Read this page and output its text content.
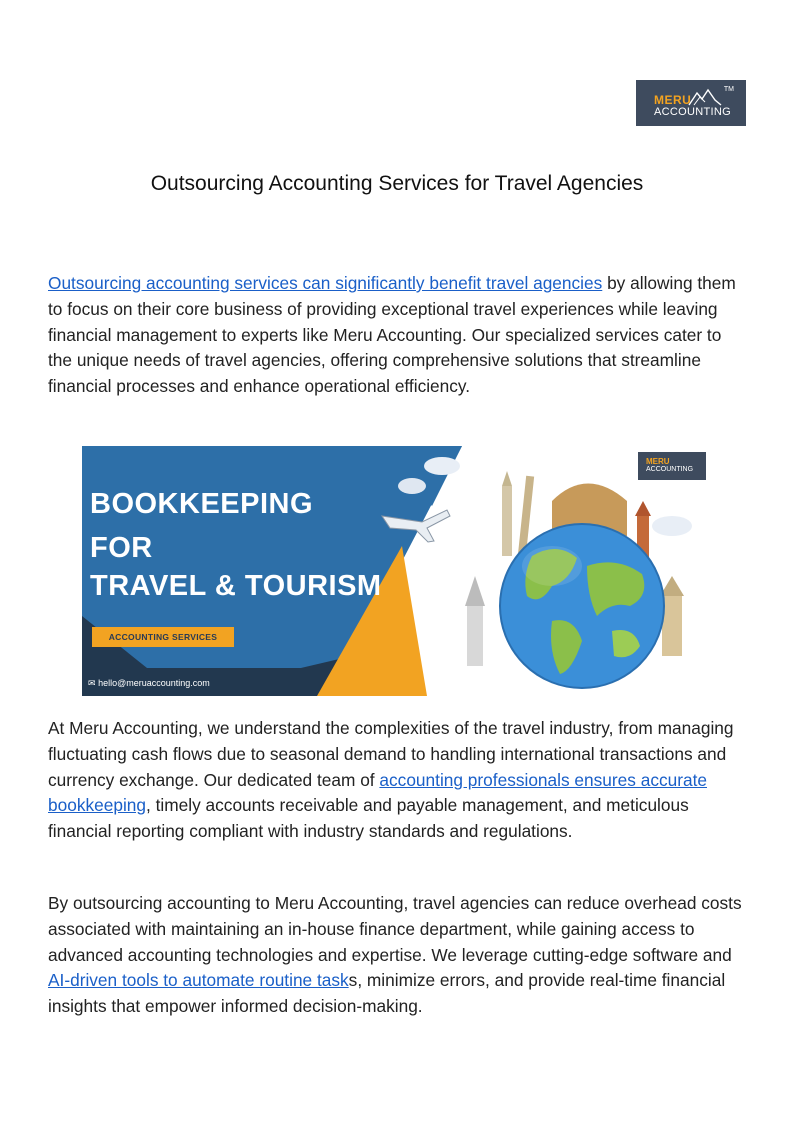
MERU
ACCOUNTING
TM
Outsourcing Accounting Services for Travel Agencies

Outsourcing accounting services can significantly benefit travel agencies by allowing them to focus on their core business of providing exceptional travel experiences while leaving financial management to experts like Meru Accounting. Our specialized services cater to the unique needs of travel agencies, offering comprehensive solutions that streamline financial processes and enhance operational efficiency.

BOOKKEEPING
FOR
TRAVEL & TOURISM
ACCOUNTING SERVICES
✉ hello@meruaccounting.com
MERU
ACCOUNTING

At Meru Accounting, we understand the complexities of the travel industry, from managing fluctuating cash flows due to seasonal demand to handling international transactions and currency exchange. Our dedicated team of accounting professionals ensures accurate bookkeeping, timely accounts receivable and payable management, and meticulous financial reporting compliant with industry standards and regulations.

By outsourcing accounting to Meru Accounting, travel agencies can reduce overhead costs associated with maintaining an in-house finance department, while gaining access to advanced accounting technologies and expertise. We leverage cutting-edge software and AI-driven tools to automate routine tasks, minimize errors, and provide real-time financial insights that empower informed decision-making.
